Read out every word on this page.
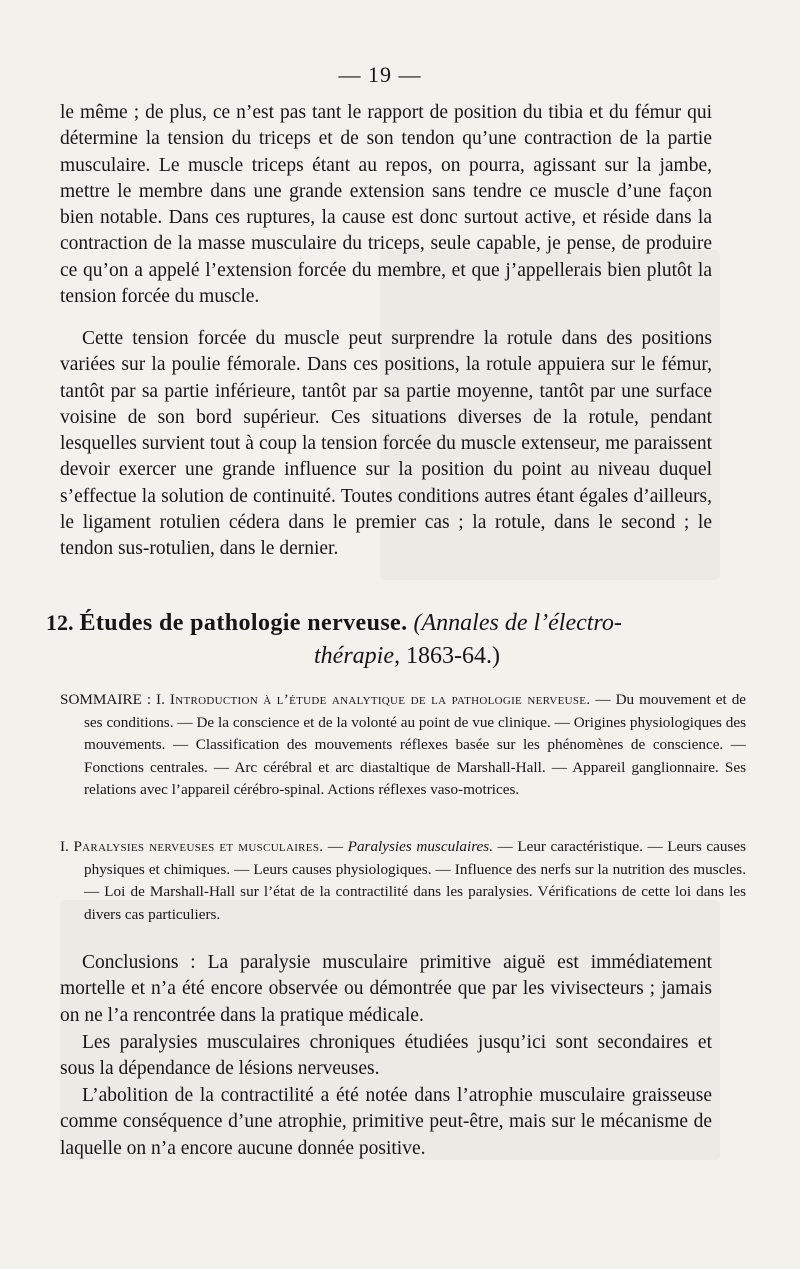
— 19 —

le même ; de plus, ce n’est pas tant le rapport de position du tibia et du fémur qui détermine la tension du triceps et de son tendon qu’une contraction de la partie musculaire. Le muscle triceps étant au repos, on pourra, agissant sur la jambe, mettre le membre dans une grande extension sans tendre ce muscle d’une façon bien notable. Dans ces ruptures, la cause est donc surtout active, et réside dans la contraction de la masse musculaire du triceps, seule capable, je pense, de produire ce qu’on a appelé l’extension forcée du membre, et que j’appellerais bien plutôt la tension forcée du muscle.

Cette tension forcée du muscle peut surprendre la rotule dans des positions variées sur la poulie fémorale. Dans ces positions, la rotule appuiera sur le fémur, tantôt par sa partie inférieure, tantôt par sa partie moyenne, tantôt par une surface voisine de son bord supérieur. Ces situations diverses de la rotule, pendant lesquelles survient tout à coup la tension forcée du muscle extenseur, me paraissent devoir exercer une grande influence sur la position du point au niveau duquel s’effectue la solution de continuité. Toutes conditions autres étant égales d’ailleurs, le ligament rotulien cédera dans le premier cas ; la rotule, dans le second ; le tendon sus-rotulien, dans le dernier.

12. Études de pathologie nerveuse. (Annales de l’électro-
thérapie, 1863-64.)

SOMMAIRE : I. Introduction à l’étude analytique de la pathologie nerveuse. — Du mouvement et de ses conditions. — De la conscience et de la volonté au point de vue clinique. — Origines physiologiques des mouvements. — Classification des mouvements réflexes basée sur les phénomènes de conscience. — Fonctions centrales. — Arc cérébral et arc diastaltique de Marshall-Hall. — Appareil ganglionnaire. Ses relations avec l’appareil cérébro-spinal. Actions réflexes vaso-motrices.

I. Paralysies nerveuses et musculaires. — Paralysies musculaires. — Leur caractéristique. — Leurs causes physiques et chimiques. — Leurs causes physiologiques. — Influence des nerfs sur la nutrition des muscles. — Loi de Marshall-Hall sur l’état de la contractilité dans les paralysies. Vérifications de cette loi dans les divers cas particuliers.

Conclusions : La paralysie musculaire primitive aiguë est immédiatement mortelle et n’a été encore observée ou démontrée que par les vivisecteurs ; jamais on ne l’a rencontrée dans la pratique médicale.

Les paralysies musculaires chroniques étudiées jusqu’ici sont secondaires et sous la dépendance de lésions nerveuses.

L’abolition de la contractilité a été notée dans l’atrophie musculaire graisseuse comme conséquence d’une atrophie, primitive peut-être, mais sur le mécanisme de laquelle on n’a encore aucune donnée positive.
